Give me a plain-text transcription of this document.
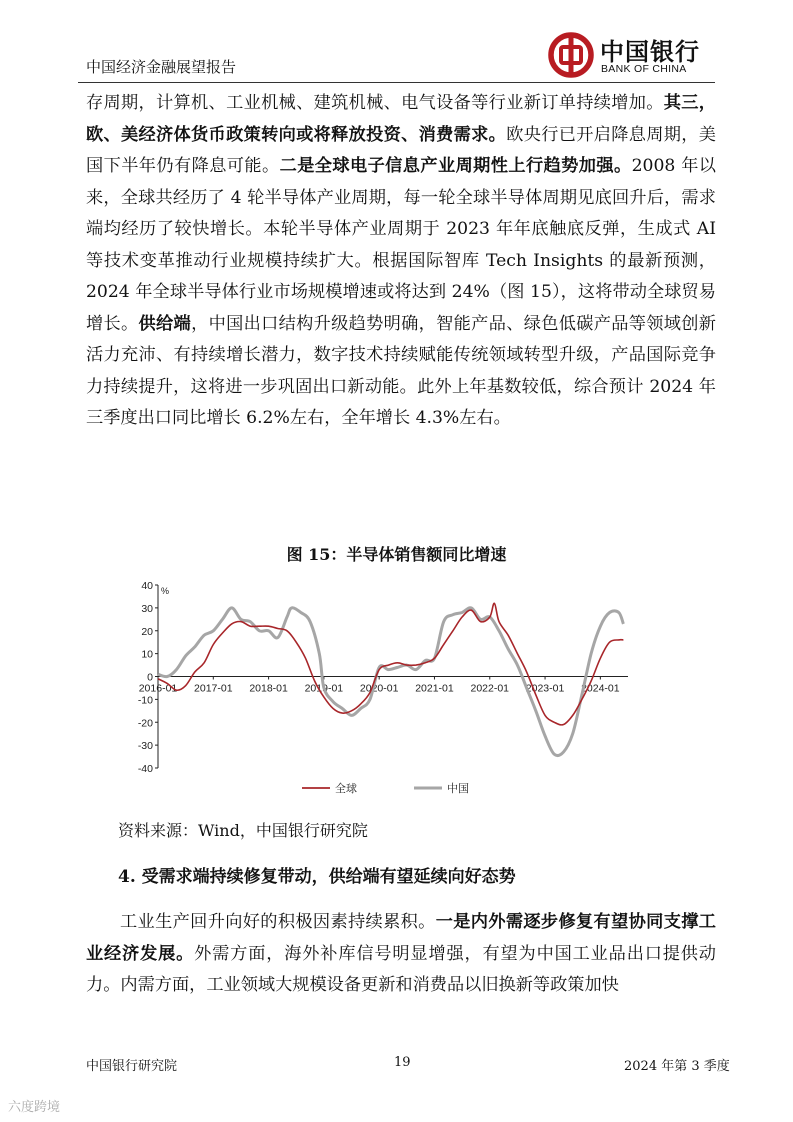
中国经济金融展望报告
中国银行
BANK OF CHINA

存周期，计算机、工业机械、建筑机械、电气设备等行业新订单持续增加。其三，欧、美经济体货币政策转向或将释放投资、消费需求。欧央行已开启降息周期，美国下半年仍有降息可能。二是全球电子信息产业周期性上行趋势加强。2008 年以来，全球共经历了 4 轮半导体产业周期，每一轮全球半导体周期见底回升后，需求端均经历了较快增长。本轮半导体产业周期于 2023 年年底触底反弹，生成式 AI 等技术变革推动行业规模持续扩大。根据国际智库 Tech Insights 的最新预测，2024 年全球半导体行业市场规模增速或将达到 24%（图 15），这将带动全球贸易增长。供给端，中国出口结构升级趋势明确，智能产品、绿色低碳产品等领域创新活力充沛、有持续增长潜力，数字技术持续赋能传统领域转型升级，产品国际竞争力持续提升，这将进一步巩固出口新动能。此外上年基数较低，综合预计 2024 年三季度出口同比增长 6.2%左右，全年增长 4.3%左右。

图 15：半导体销售额同比增速
40
30
20
10
0
-10
-20
-30
-40
%
2016-01 2017-01 2018-01 2019-01 2020-01 2021-01 2022-01 2023-01 2024-01
全球	中国
资料来源：Wind，中国银行研究院
4. 受需求端持续修复带动，供给端有望延续向好态势

工业生产回升向好的积极因素持续累积。一是内外需逐步修复有望协同支撑工业经济发展。外需方面，海外补库信号明显增强，有望为中国工业品出口提供动力。内需方面，工业领域大规模设备更新和消费品以旧换新等政策加快

中国银行研究院	19	2024 年第 3 季度
六度跨境
